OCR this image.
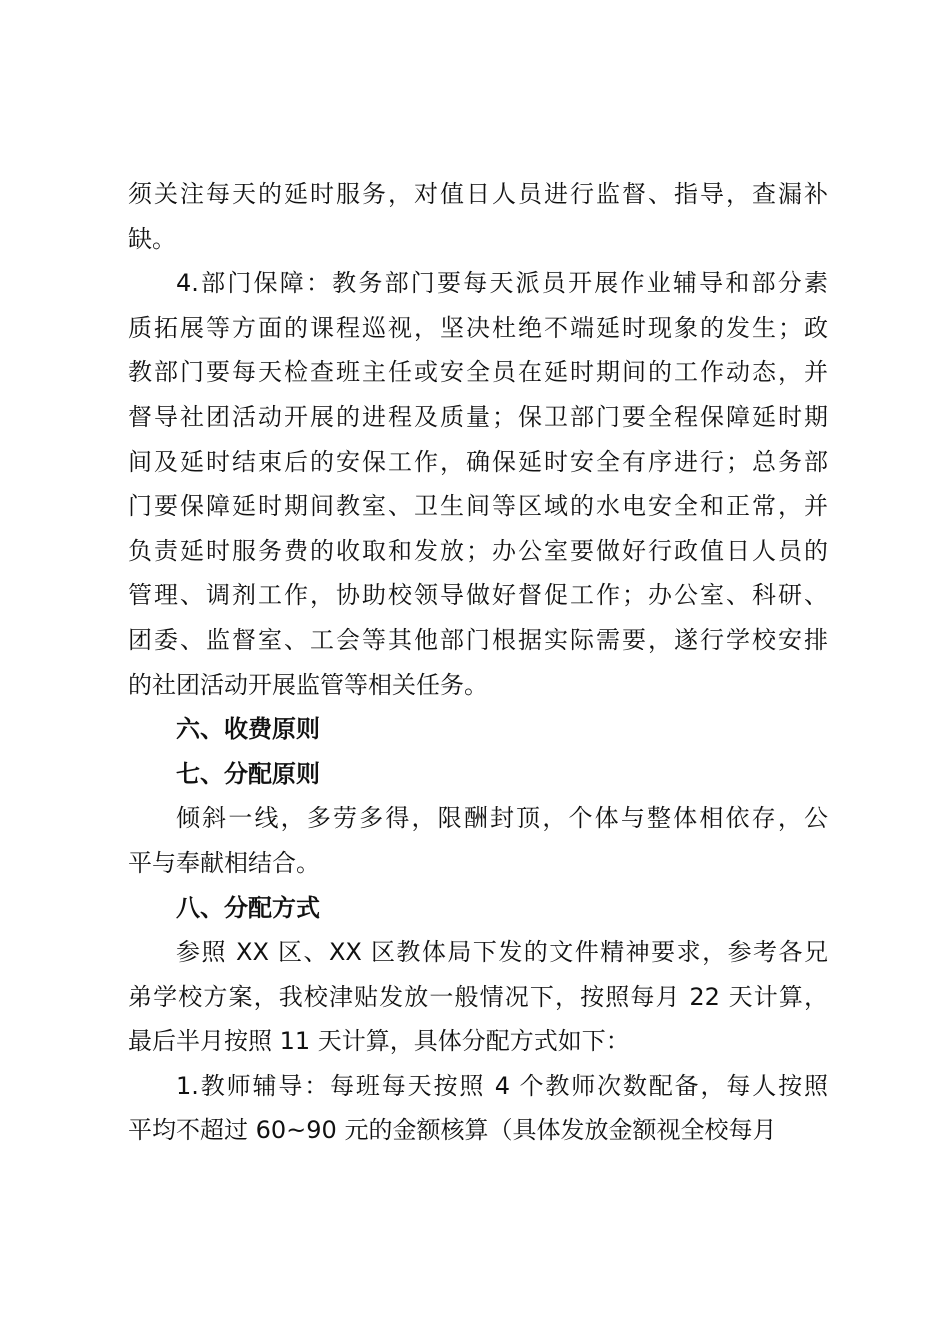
须关注每天的延时服务，对值日人员进行监督、指导，查漏补
缺。
4.部门保障：教务部门要每天派员开展作业辅导和部分素
质拓展等方面的课程巡视，坚决杜绝不端延时现象的发生；政
教部门要每天检查班主任或安全员在延时期间的工作动态，并
督导社团活动开展的进程及质量；保卫部门要全程保障延时期
间及延时结束后的安保工作，确保延时安全有序进行；总务部
门要保障延时期间教室、卫生间等区域的水电安全和正常，并
负责延时服务费的收取和发放；办公室要做好行政值日人员的
管理、调剂工作，协助校领导做好督促工作；办公室、科研、
团委、监督室、工会等其他部门根据实际需要，遂行学校安排
的社团活动开展监管等相关任务。
六、收费原则
七、分配原则
倾斜一线，多劳多得，限酬封顶，个体与整体相依存，公
平与奉献相结合。
八、分配方式
参照 XX 区、XX 区教体局下发的文件精神要求，参考各兄
弟学校方案，我校津贴发放一般情况下，按照每月 22 天计算，
最后半月按照 11 天计算，具体分配方式如下：
1.教师辅导：每班每天按照 4 个教师次数配备，每人按照
平均不超过 60~90 元的金额核算（具体发放金额视全校每月
